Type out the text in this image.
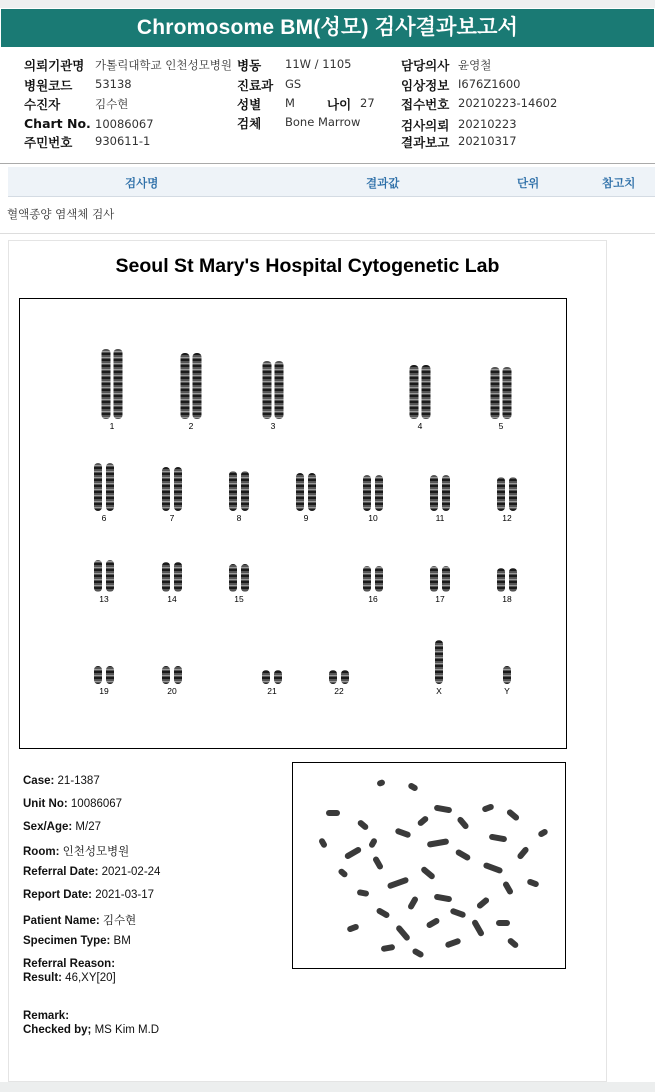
Chromosome BM(성모) 검사결과보고서
의뢰기관명 가톨릭대학교 인천성모병원
병원코드 53138
수진자	김수현
Chart No. 10086067
주민번호 930611-1
병동 11W / 1105
진료과 GS
성별 M	나이 27
검체 Bone Marrow
담당의사 윤영철
임상정보 I676Z1600
접수번호 20210223-14602
검사의뢰 20210223
결과보고 20210317
검사명	결과값	단위	참고치
혈액종양 염색체 검사
Seoul St Mary's Hospital Cytogenetic Lab
1	2	3	4	5
6	7	8	9	10	11	12
13	14	15	16	17	18
19	20	21	22	X	Y
Case: 21-1387
Unit No: 10086067
Sex/Age: M/27
Room: 인천성모병원
Referral Date: 2021-02-24
Report Date: 2021-03-17
Patient Name: 김수현
Specimen Type: BM
Referral Reason:
Result: 46,XY[20]
Remark:
Checked by; MS Kim M.D
